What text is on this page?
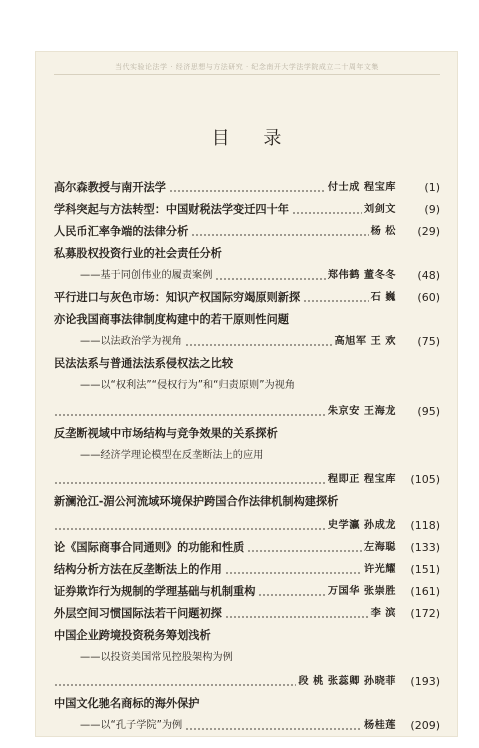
当代实验论法学 · 经济思想与方法研究 · 纪念南开大学法学院成立二十周年文集
目 录
高尔森教授与南开法学	付士成 程宝库	(1)
学科突起与方法转型：中国财税法学变迁四十年	刘剑文	(9)
人民币汇率争端的法律分析	杨 松	(29)
私募股权投资行业的社会责任分析
——基于同创伟业的履责案例	郑伟鹤 董冬冬	(48)
平行进口与灰色市场：知识产权国际穷竭原则新探	石 巍	(60)
亦论我国商事法律制度构建中的若干原则性问题
——以法政治学为视角	高旭军 王 欢	(75)
民法法系与普通法法系侵权法之比较
——以“权利法”“侵权行为”和“归责原则”为视角
朱京安 王海龙	(95)
反垄断视域中市场结构与竞争效果的关系探析
——经济学理论模型在反垄断法上的应用
程即正 程宝库	(105)
新澜沧江-湄公河流域环境保护跨国合作法律机制构建探析
史学瀛 孙成龙	(118)
论《国际商事合同通则》的功能和性质	左海聪	(133)
结构分析方法在反垄断法上的作用	许光耀	(151)
证券欺诈行为规制的学理基础与机制重构	万国华 张崇胜	(161)
外层空间习惯国际法若干问题初探	李 滨	(172)
中国企业跨境投资税务筹划浅析
——以投资美国常见控股架构为例
段 桃 张蕊卿 孙晓菲	(193)
中国文化驰名商标的海外保护
——以“孔子学院”为例	杨桂莲	(209)
